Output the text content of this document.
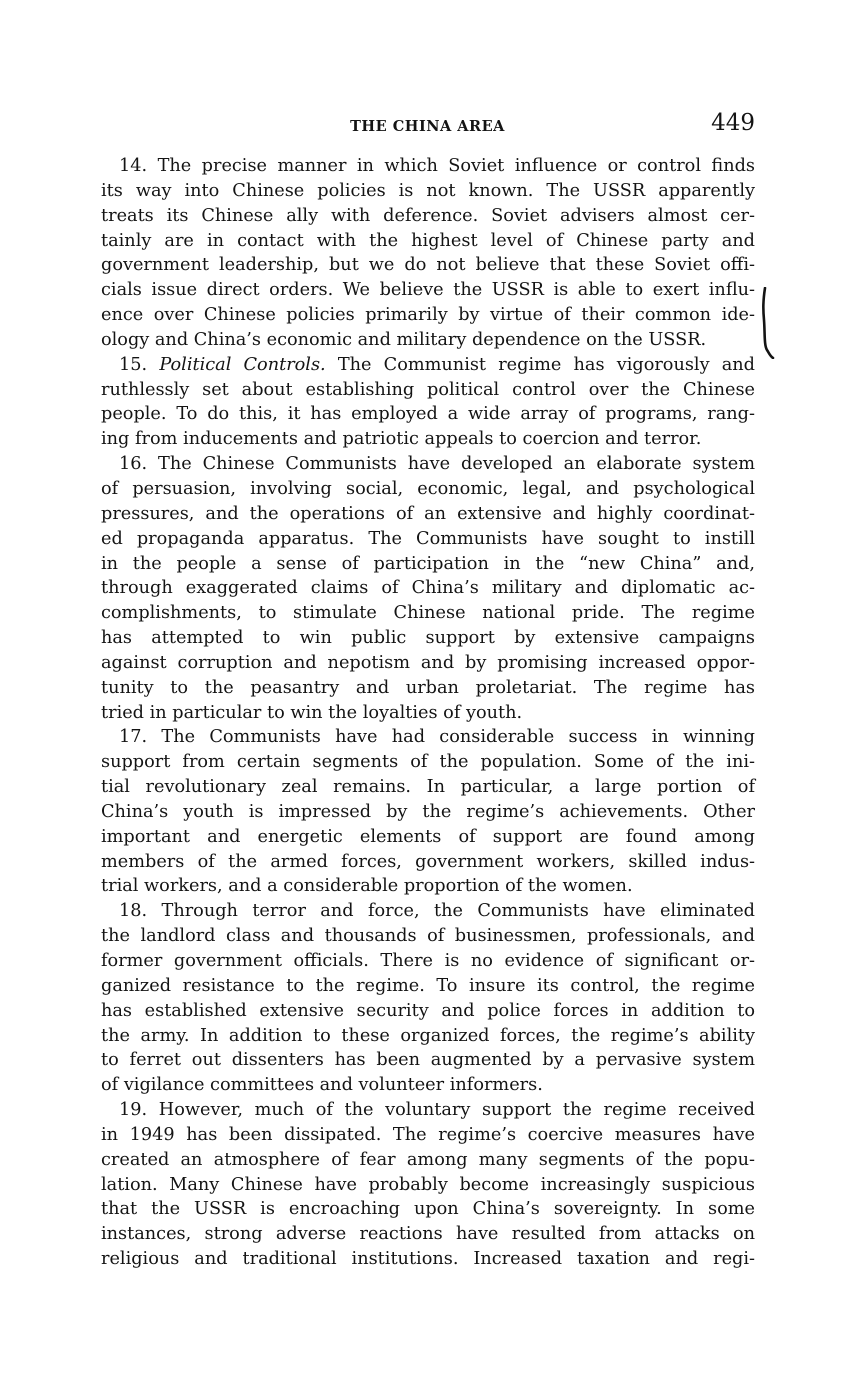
THE CHINA AREA	449
14. The precise manner in which Soviet influence or control finds
its way into Chinese policies is not known. The USSR apparently
treats its Chinese ally with deference. Soviet advisers almost cer-
tainly are in contact with the highest level of Chinese party and
government leadership, but we do not believe that these Soviet offi-
cials issue direct orders. We believe the USSR is able to exert influ-
ence over Chinese policies primarily by virtue of their common ide-
ology and China’s economic and military dependence on the USSR.
15. Political Controls. The Communist regime has vigorously and
ruthlessly set about establishing political control over the Chinese
people. To do this, it has employed a wide array of programs, rang-
ing from inducements and patriotic appeals to coercion and terror.
16. The Chinese Communists have developed an elaborate system
of persuasion, involving social, economic, legal, and psychological
pressures, and the operations of an extensive and highly coordinat-
ed propaganda apparatus. The Communists have sought to instill
in the people a sense of participation in the “new China” and,
through exaggerated claims of China’s military and diplomatic ac-
complishments, to stimulate Chinese national pride. The regime
has attempted to win public support by extensive campaigns
against corruption and nepotism and by promising increased oppor-
tunity to the peasantry and urban proletariat. The regime has
tried in particular to win the loyalties of youth.
17. The Communists have had considerable success in winning
support from certain segments of the population. Some of the ini-
tial revolutionary zeal remains. In particular, a large portion of
China’s youth is impressed by the regime’s achievements. Other
important and energetic elements of support are found among
members of the armed forces, government workers, skilled indus-
trial workers, and a considerable proportion of the women.
18. Through terror and force, the Communists have eliminated
the landlord class and thousands of businessmen, professionals, and
former government officials. There is no evidence of significant or-
ganized resistance to the regime. To insure its control, the regime
has established extensive security and police forces in addition to
the army. In addition to these organized forces, the regime’s ability
to ferret out dissenters has been augmented by a pervasive system
of vigilance committees and volunteer informers.
19. However, much of the voluntary support the regime received
in 1949 has been dissipated. The regime’s coercive measures have
created an atmosphere of fear among many segments of the popu-
lation. Many Chinese have probably become increasingly suspicious
that the USSR is encroaching upon China’s sovereignty. In some
instances, strong adverse reactions have resulted from attacks on
religious and traditional institutions. Increased taxation and regi-
